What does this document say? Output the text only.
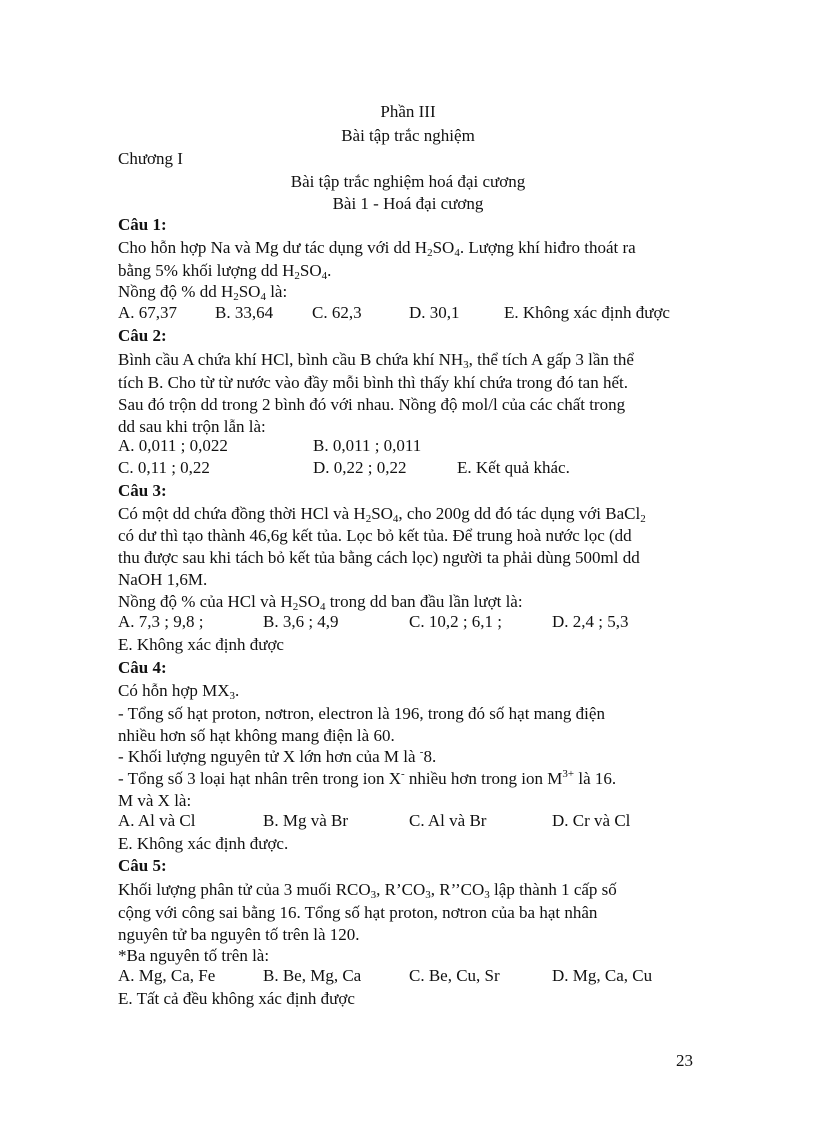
Phần III
Bài tập trắc nghiệm
Chương I
Bài tập trắc nghiệm hoá đại cương
Bài 1 - Hoá đại cương
Câu 1:
Cho hỗn hợp Na và Mg dư tác dụng với dd $H_2SO_4$. Lượng khí hiđro thoát ra
bằng 5% khối lượng dd $H_2SO_4$.
Nồng độ % dd $H_2SO_4$ là:
A. 67,37 B. 33,64 C. 62,3	D. 30,1	E. Không xác định được
Câu 2:
Bình cầu A chứa khí HCl, bình cầu B chứa khí $NH_3$, thể tích A gấp 3 lần thể
tích B. Cho từ từ nước vào đầy mỗi bình thì thấy khí chứa trong đó tan hết.
Sau đó trộn dd trong 2 bình đó với nhau. Nồng độ mol/l của các chất trong
dd sau khi trộn lẫn là:
A. 0,011 ; 0,022	B. 0,011 ; 0,011
C. 0,11 ; 0,22	D. 0,22 ; 0,22	E. Kết quả khác.
Câu 3:
Có một dd chứa đồng thời HCl và $H_2SO_4$, cho 200g dd đó tác dụng với BaCl$_2$
có dư thì tạo thành 46,6g kết tủa. Lọc bỏ kết tủa. Để trung hoà nước lọc (dd
thu được sau khi tách bỏ kết tủa bằng cách lọc) người ta phải dùng 500ml dd
NaOH 1,6M.
Nồng độ % của HCl và $H_2SO_4$ trong dd ban đầu lần lượt là:
A. 7,3 ; 9,8 ;	B. 3,6 ; 4,9	C. 10,2 ; 6,1 ;	D. 2,4 ; 5,3
E. Không xác định được
Câu 4:
Có hỗn hợp $MX_3$.
- Tổng số hạt proton, nơtron, electron là 196, trong đó số hạt mang điện
nhiều hơn số hạt không mang điện là 60.
- Khối lượng nguyên tử X lớn hơn của M là -8.
- Tổng số 3 loại hạt nhân trên trong ion X- nhiều hơn trong ion $M^{3+}$ là 16.
M và X là:
A. Al và Cl	B. Mg và Br	C. Al và Br	D. Cr và Cl
E. Không xác định được.
Câu 5:
Khối lượng phân tử của 3 muối $RCO_3$, $R’CO_3$, $R’’CO_3$ lập thành 1 cấp số
cộng với công sai bằng 16. Tổng số hạt proton, nơtron của ba hạt nhân
nguyên tử ba nguyên tố trên là 120.
*Ba nguyên tố trên là:
A. Mg, Ca, Fe	B. Be, Mg, Ca	C. Be, Cu, Sr	D. Mg, Ca, Cu
E. Tất cả đều không xác định được
23
